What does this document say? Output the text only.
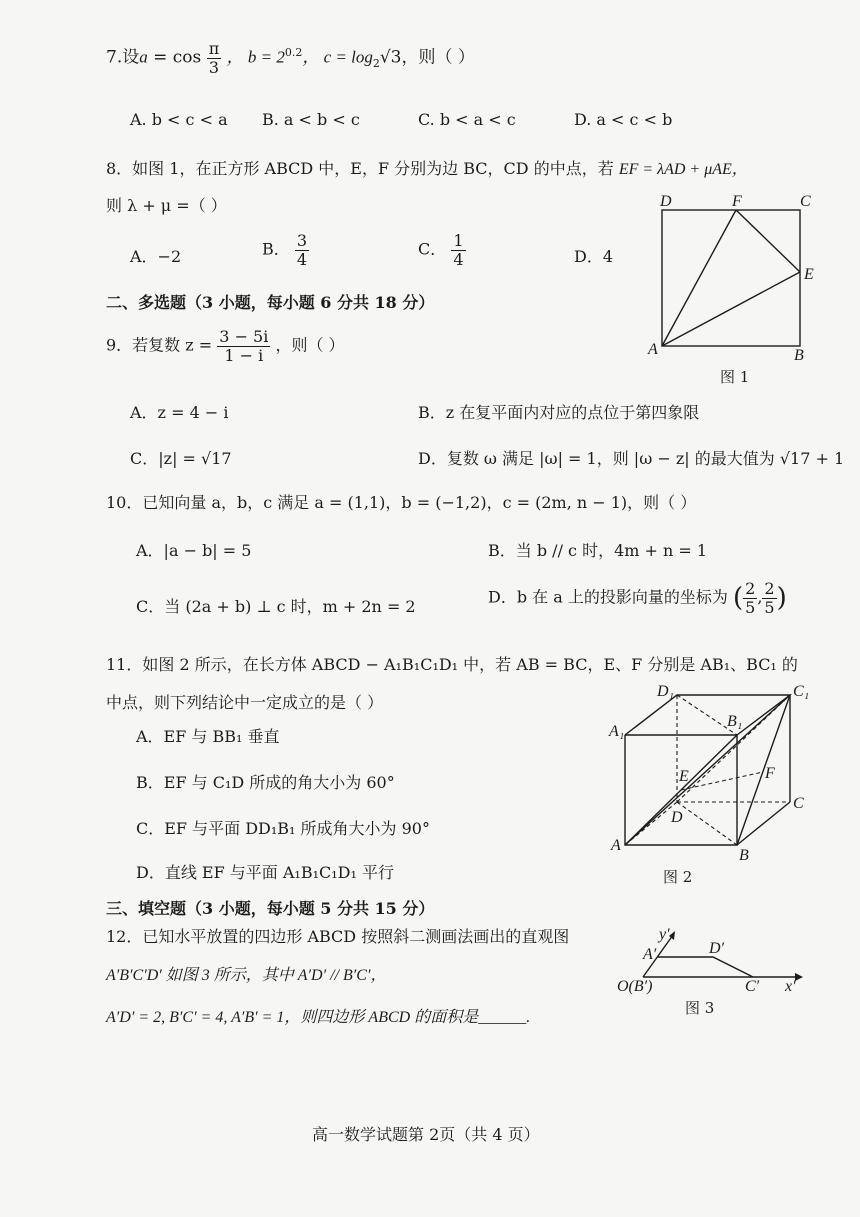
7.设$a = \cos \frac{\pi}{3}$ ， $b = 2^{0.2}$， $c = \log_2√3$，则（ ）
A. b < c < a B. a < b < c	C. b < a < c	D. a < c < b
8．如图 1，在正方形 ABCD 中，E，F 分别为边 BC，CD 的中点，若 EF = λAD + μAE，
则 λ + μ =（ ）
A．−2	B． $\frac{3}{4}$	C． $\frac{1}{4}$	D．4
D	F	C
E
A	B
图 1
二、多选题（3 小题，每小题 6 分共 18 分）
9．若复数 $z = \frac{3 - 5i}{1 - i}$ ，则（ ）
A．z = 4 − i	B．z 在复平面内对应的点位于第四象限
C．|z| = √17	D．复数 ω 满足 |ω| = 1，则 |ω − z| 的最大值为 √17 + 1
10．已知向量 a，b，c 满足 a = (1,1)，b = (−1,2)，c = (2m, n − 1)，则（ ）
A．|a − b| = 5	B．当 b // c 时，4m + n = 1
C．当 (2a + b) ⊥ c 时，m + 2n = 2	D．b 在 a 上的投影向量的坐标为 ( $\frac{2}{5}$ , $\frac{2}{5}$ )
11．如图 2 所示，在长方体 ABCD − A₁B₁C₁D₁ 中，若 AB = BC，E、F 分别是 AB₁、BC₁ 的
中点，则下列结论中一定成立的是（ ）
A．EF 与 BB₁ 垂直
B．EF 与 C₁D 所成的角大小为 60°
C．EF 与平面 DD₁B₁ 所成角大小为 90°
D．直线 EF 与平面 A₁B₁C₁D₁ 平行
D₁	C₁
A₁
B₁
E	F
D
C
A
B
图 2
三、填空题（3 小题，每小题 5 分共 15 分）
12．已知水平放置的四边形 ABCD 按照斜二测画法画出的直观图
A′B′C′D′ 如图 3 所示，其中 A′D′ // B′C′，
A′D′ = 2, B′C′ = 4, A′B′ = 1，则四边形 ABCD 的面积是______.
y′
A′	D′
O(B′)	C′ x′
图 3
高一数学试题第 2页（共 4 页）
